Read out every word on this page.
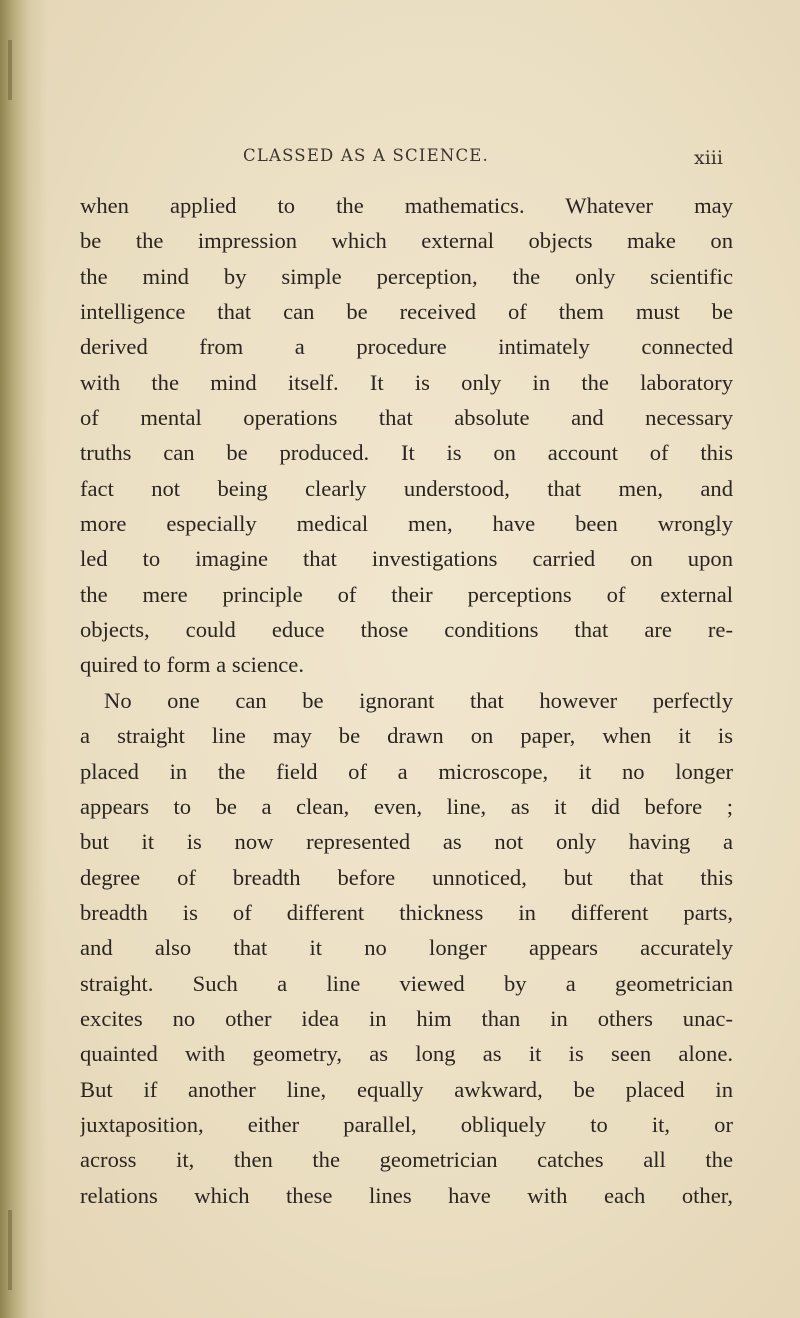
CLASSED AS A SCIENCE.	xiii
when applied to the mathematics. Whatever may
be the impression which external objects make on
the mind by simple perception, the only scientific
intelligence that can be received of them must be
derived from a procedure intimately connected
with the mind itself. It is only in the laboratory
of mental operations that absolute and necessary
truths can be produced. It is on account of this
fact not being clearly understood, that men, and
more especially medical men, have been wrongly
led to imagine that investigations carried on upon
the mere principle of their perceptions of external
objects, could educe those conditions that are re-
quired to form a science.
No one can be ignorant that however perfectly
a straight line may be drawn on paper, when it is
placed in the field of a microscope, it no longer
appears to be a clean, even, line, as it did before ;
but it is now represented as not only having a
degree of breadth before unnoticed, but that this
breadth is of different thickness in different parts,
and also that it no longer appears accurately
straight. Such a line viewed by a geometrician
excites no other idea in him than in others unac-
quainted with geometry, as long as it is seen alone.
But if another line, equally awkward, be placed in
juxtaposition, either parallel, obliquely to it, or
across it, then the geometrician catches all the
relations which these lines have with each other,
